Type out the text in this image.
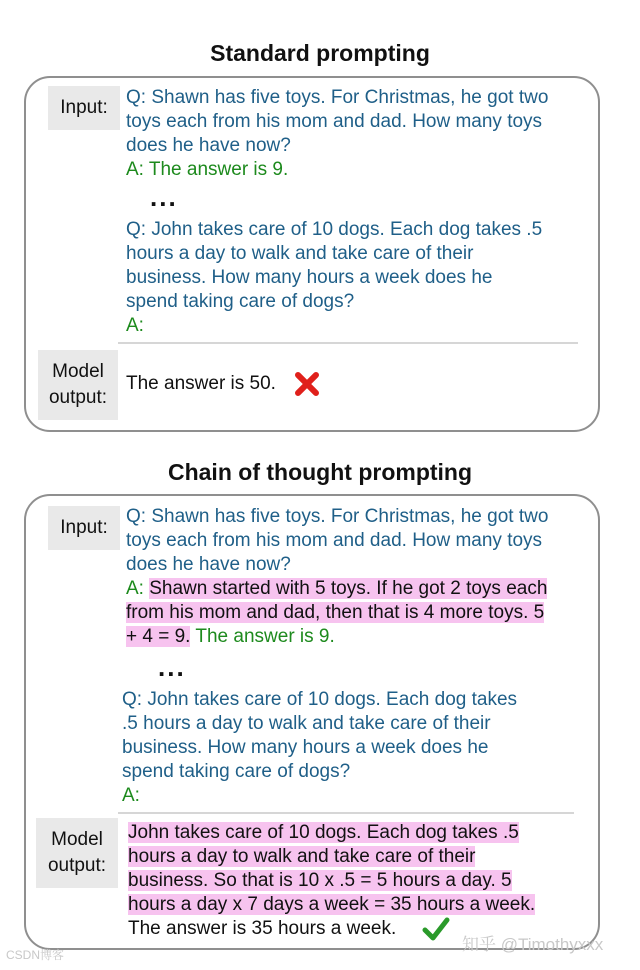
Standard prompting
Input: Q: Shawn has five toys. For Christmas, he got two
toys each from his mom and dad. How many toys
does he have now?
A: The answer is 9.
...
Q: John takes care of 10 dogs. Each dog takes .5
hours a day to walk and take care of their
business. How many hours a week does he
spend taking care of dogs?
A:
Model
output:
The answer is 50.
Chain of thought prompting
Input:
Q: Shawn has five toys. For Christmas, he got two
toys each from his mom and dad. How many toys
does he have now?
A: Shawn started with 5 toys. If he got 2 toys each
from his mom and dad, then that is 4 more toys. 5
+ 4 = 9. The answer is 9.
...
Q: John takes care of 10 dogs. Each dog takes
.5 hours a day to walk and take care of their
business. How many hours a week does he
spend taking care of dogs?
A:
Model
output:
John takes care of 10 dogs. Each dog takes .5
hours a day to walk and take care of their
business. So that is 10 x .5 = 5 hours a day. 5
hours a day x 7 days a week = 35 hours a week.
The answer is 35 hours a week.
知乎 @Timothyxxx
CSDN博客
